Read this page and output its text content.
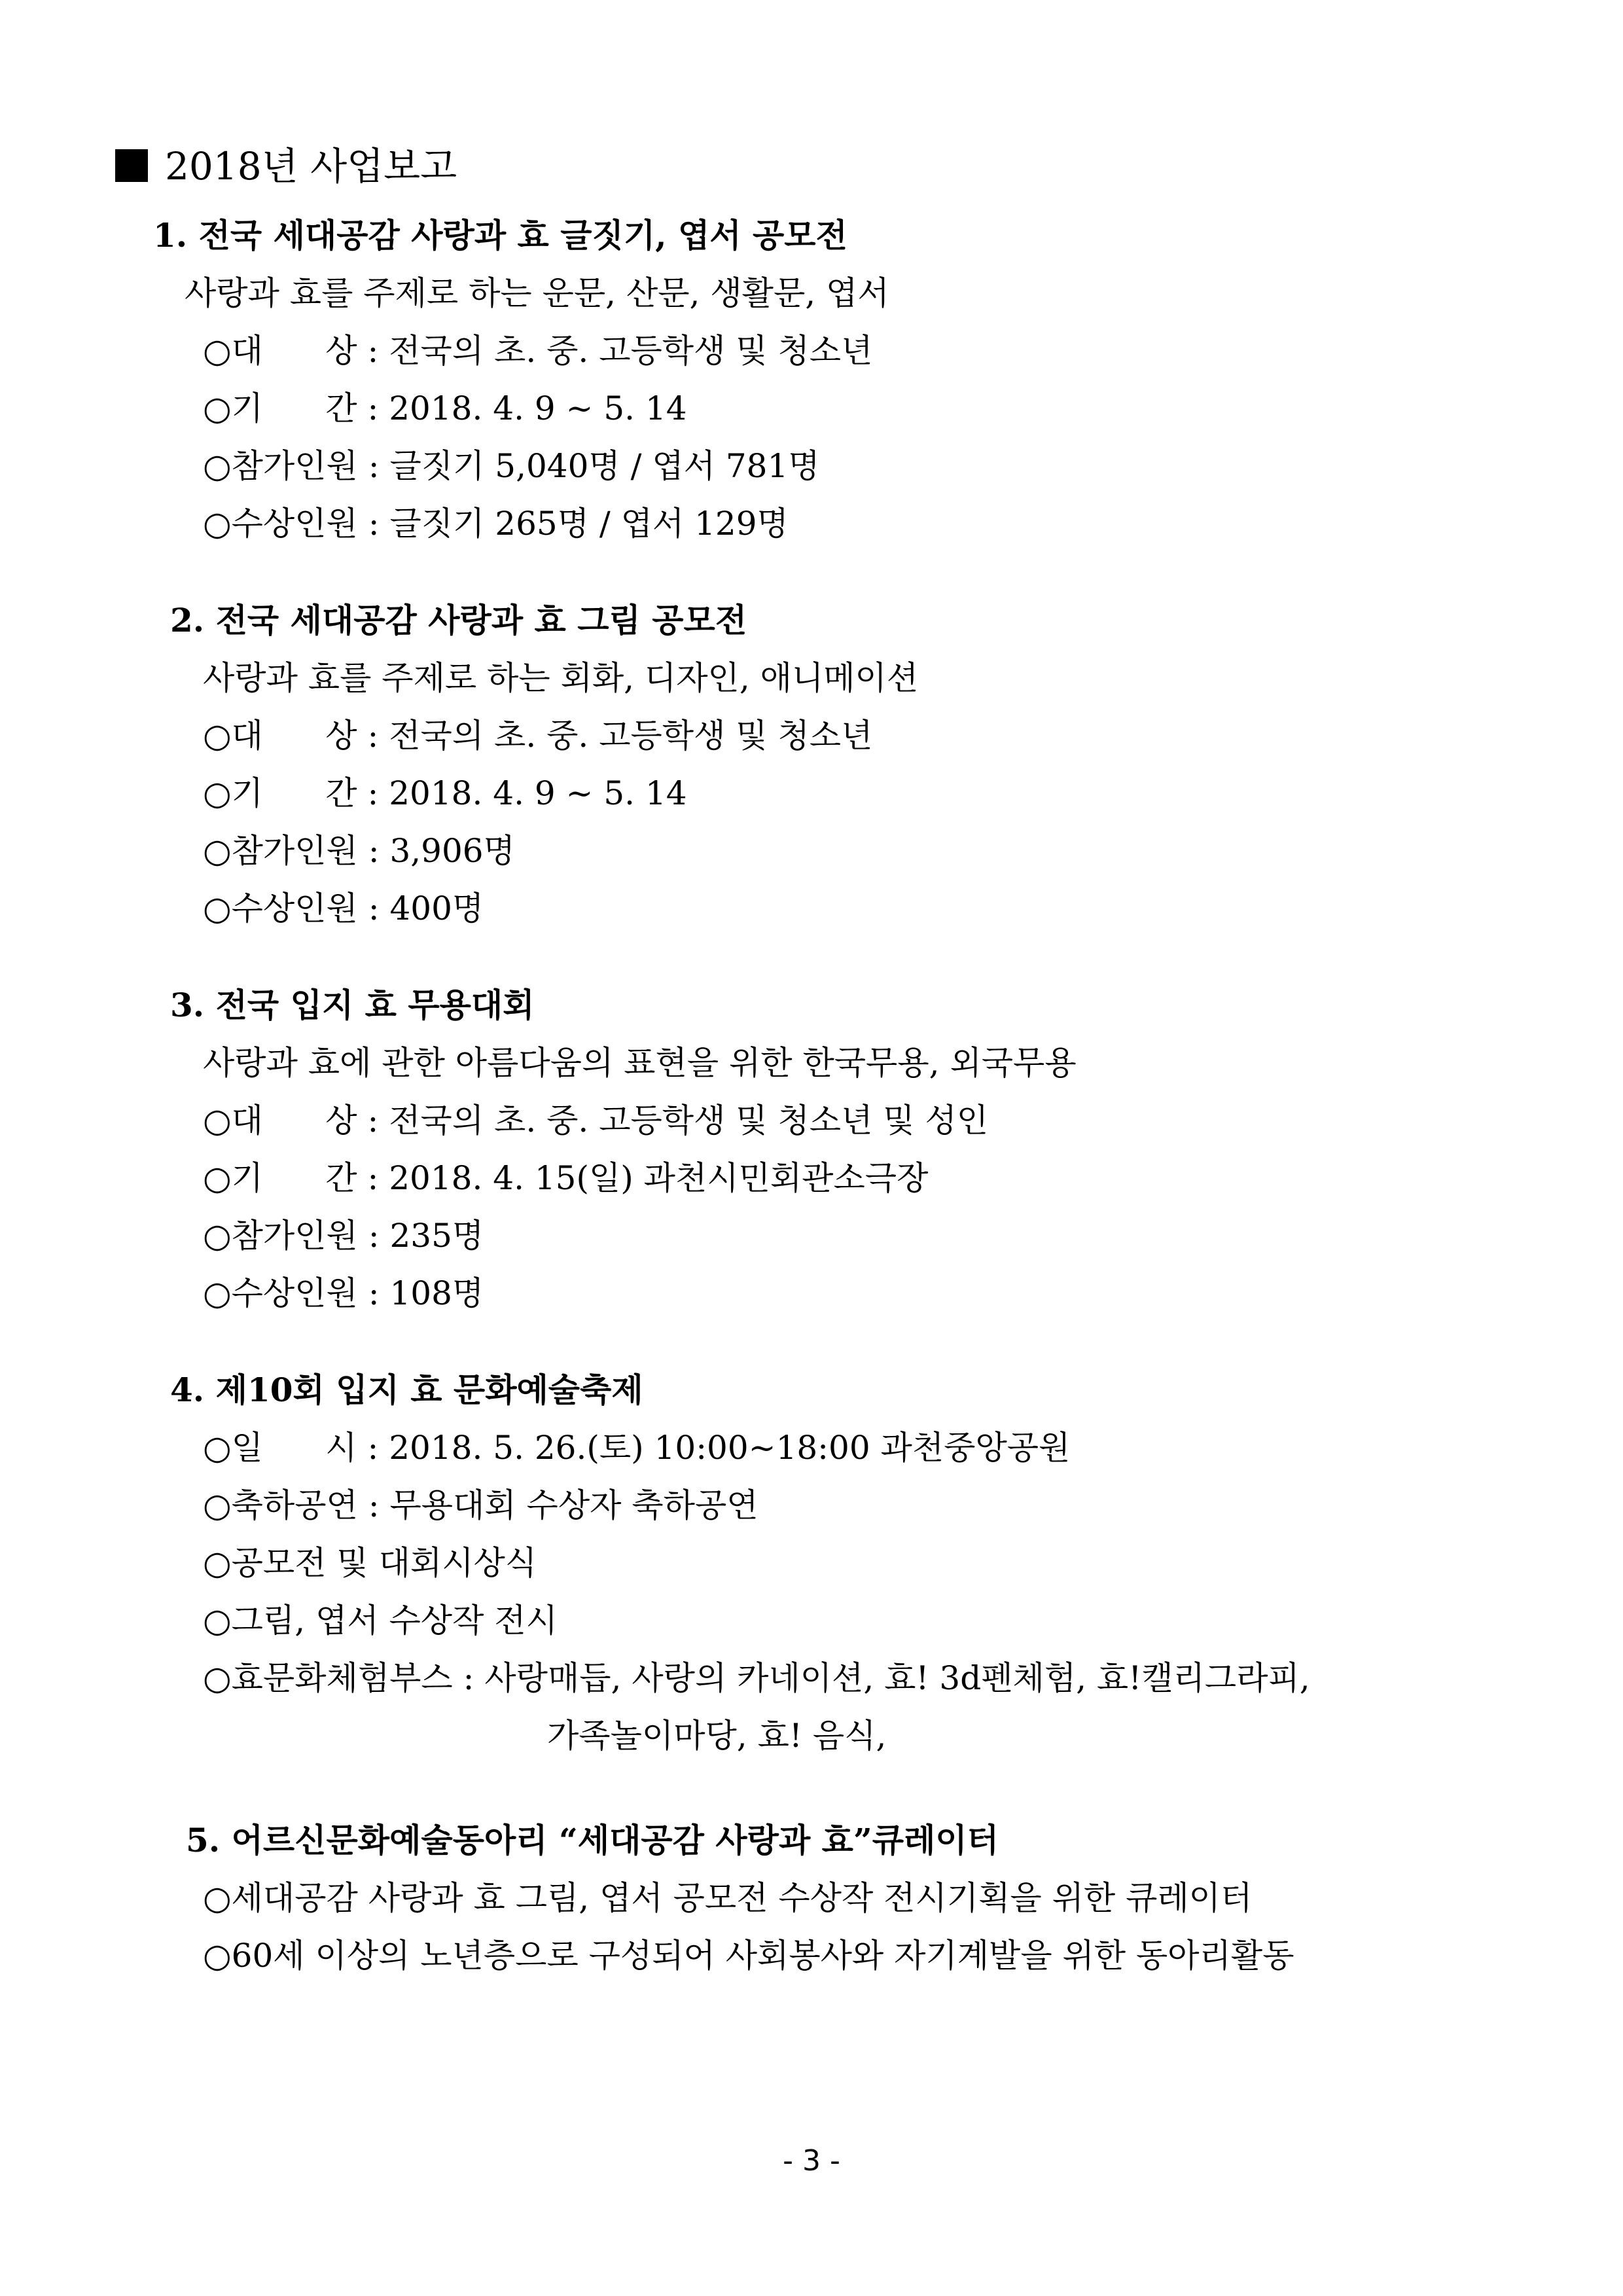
2018년 사업보고
1. 전국 세대공감 사랑과 효 글짓기, 엽서 공모전
사랑과 효를 주제로 하는 운문, 산문, 생활문, 엽서
○대      상 : 전국의 초. 중. 고등학생 및 청소년
○기      간 : 2018. 4. 9 ~ 5. 14
○참가인원 : 글짓기 5,040명 / 엽서 781명
○수상인원 : 글짓기 265명 / 엽서 129명
2. 전국 세대공감 사랑과 효 그림 공모전
사랑과 효를 주제로 하는 회화, 디자인, 애니메이션
○대      상 : 전국의 초. 중. 고등학생 및 청소년
○기      간 : 2018. 4. 9 ~ 5. 14
○참가인원 : 3,906명
○수상인원 : 400명
3. 전국 입지 효 무용대회
사랑과 효에 관한 아름다움의 표현을 위한 한국무용, 외국무용
○대      상 : 전국의 초. 중. 고등학생 및 청소년 및 성인
○기      간 : 2018. 4. 15(일) 과천시민회관소극장
○참가인원 : 235명
○수상인원 : 108명
4. 제10회 입지 효 문화예술축제
○일      시 : 2018. 5. 26.(토) 10:00~18:00 과천중앙공원
○축하공연 : 무용대회 수상자 축하공연
○공모전 및 대회시상식
○그림, 엽서 수상작 전시
○효문화체험부스 : 사랑매듭, 사랑의 카네이션, 효! 3d펜체험, 효!캘리그라피,
가족놀이마당, 효! 음식,
5. 어르신문화예술동아리 “세대공감 사랑과 효”큐레이터
○세대공감 사랑과 효 그림, 엽서 공모전 수상작 전시기획을 위한 큐레이터
○60세 이상의 노년층으로 구성되어 사회봉사와 자기계발을 위한 동아리활동
- 3 -
